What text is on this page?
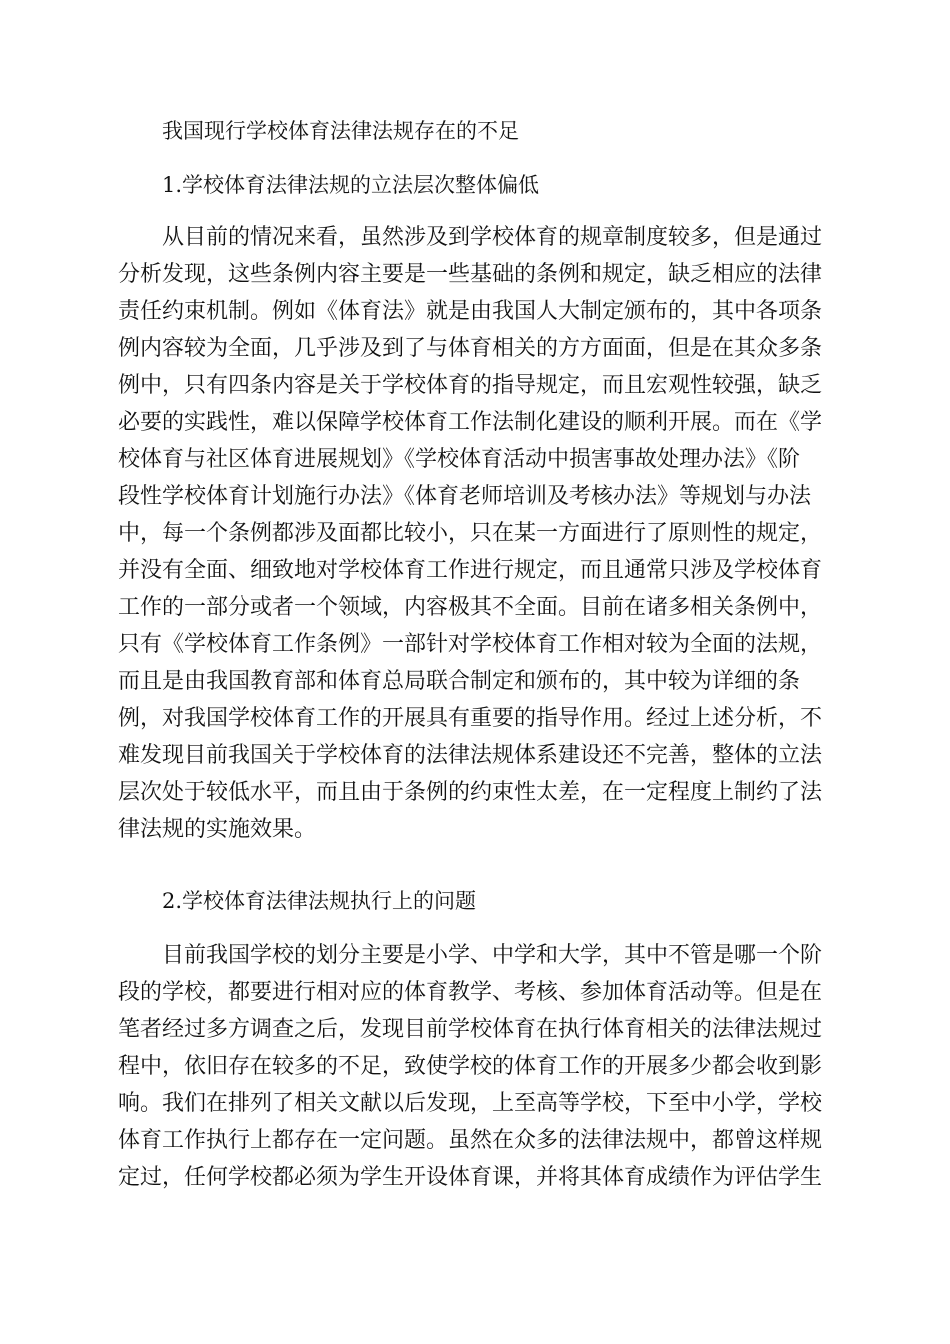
我国现行学校体育法律法规存在的不足
1.学校体育法律法规的立法层次整体偏低
从目前的情况来看，虽然涉及到学校体育的规章制度较多，但是通过
分析发现，这些条例内容主要是一些基础的条例和规定，缺乏相应的法律
责任约束机制。例如《体育法》就是由我国人大制定颁布的，其中各项条
例内容较为全面，几乎涉及到了与体育相关的方方面面，但是在其众多条
例中，只有四条内容是关于学校体育的指导规定，而且宏观性较强，缺乏
必要的实践性，难以保障学校体育工作法制化建设的顺利开展。而在《学
校体育与社区体育进展规划》《学校体育活动中损害事故处理办法》《阶
段性学校体育计划施行办法》《体育老师培训及考核办法》等规划与办法
中，每一个条例都涉及面都比较小，只在某一方面进行了原则性的规定，
并没有全面、细致地对学校体育工作进行规定，而且通常只涉及学校体育
工作的一部分或者一个领域，内容极其不全面。目前在诸多相关条例中，
只有《学校体育工作条例》一部针对学校体育工作相对较为全面的法规，
而且是由我国教育部和体育总局联合制定和颁布的，其中较为详细的条
例，对我国学校体育工作的开展具有重要的指导作用。经过上述分析，不
难发现目前我国关于学校体育的法律法规体系建设还不完善，整体的立法
层次处于较低水平，而且由于条例的约束性太差，在一定程度上制约了法
律法规的实施效果。
2.学校体育法律法规执行上的问题
目前我国学校的划分主要是小学、中学和大学，其中不管是哪一个阶
段的学校，都要进行相对应的体育教学、考核、参加体育活动等。但是在
笔者经过多方调查之后，发现目前学校体育在执行体育相关的法律法规过
程中，依旧存在较多的不足，致使学校的体育工作的开展多少都会收到影
响。我们在排列了相关文献以后发现，上至高等学校，下至中小学，学校
体育工作执行上都存在一定问题。虽然在众多的法律法规中，都曾这样规
定过，任何学校都必须为学生开设体育课，并将其体育成绩作为评估学生
